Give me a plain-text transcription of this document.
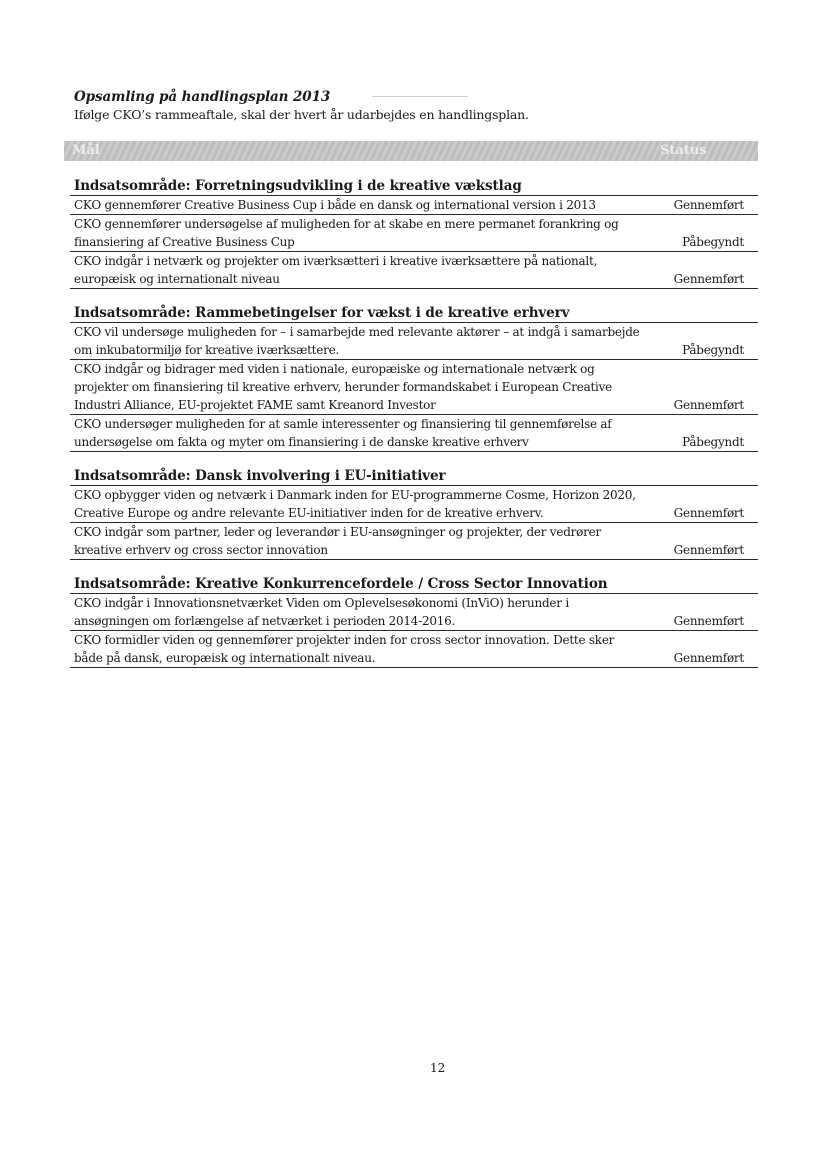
Opsamling på handlingsplan 2013
Ifølge CKO’s rammeaftale, skal der hvert år udarbejdes en handlingsplan.
Mål	Status
Indsatsområde: Forretningsudvikling i de kreative vækstlag
CKO gennemfører Creative Business Cup i både en dansk og international version i 2013	Gennemført
CKO gennemfører undersøgelse af muligheden for at skabe en mere permanet forankring og
finansiering af Creative Business Cup	Påbegyndt
CKO indgår i netværk og projekter om iværksætteri i kreative iværksættere på nationalt,
europæisk og internationalt niveau	Gennemført
Indsatsområde: Rammebetingelser for vækst i de kreative erhverv
CKO vil undersøge muligheden for – i samarbejde med relevante aktører – at indgå i samarbejde
om inkubatormiljø for kreative iværksættere.	Påbegyndt
CKO indgår og bidrager med viden i nationale, europæiske og internationale netværk og
projekter om finansiering til kreative erhverv, herunder formandskabet i European Creative
Industri Alliance, EU-projektet FAME samt Kreanord Investor	Gennemført
CKO undersøger muligheden for at samle interessenter og finansiering til gennemførelse af
undersøgelse om fakta og myter om finansiering i de danske kreative erhverv	Påbegyndt
Indsatsområde: Dansk involvering i EU-initiativer
CKO opbygger viden og netværk i Danmark inden for EU-programmerne Cosme, Horizon 2020,
Creative Europe og andre relevante EU-initiativer inden for de kreative erhverv.	Gennemført
CKO indgår som partner, leder og leverandør i EU-ansøgninger og projekter, der vedrører
kreative erhverv og cross sector innovation	Gennemført
Indsatsområde: Kreative Konkurrencefordele / Cross Sector Innovation
CKO indgår i Innovationsnetværket Viden om Oplevelsesøkonomi (InViO) herunder i
ansøgningen om forlængelse af netværket i perioden 2014-2016.	Gennemført
CKO formidler viden og gennemfører projekter inden for cross sector innovation. Dette sker
både på dansk, europæisk og internationalt niveau.	Gennemført
12
